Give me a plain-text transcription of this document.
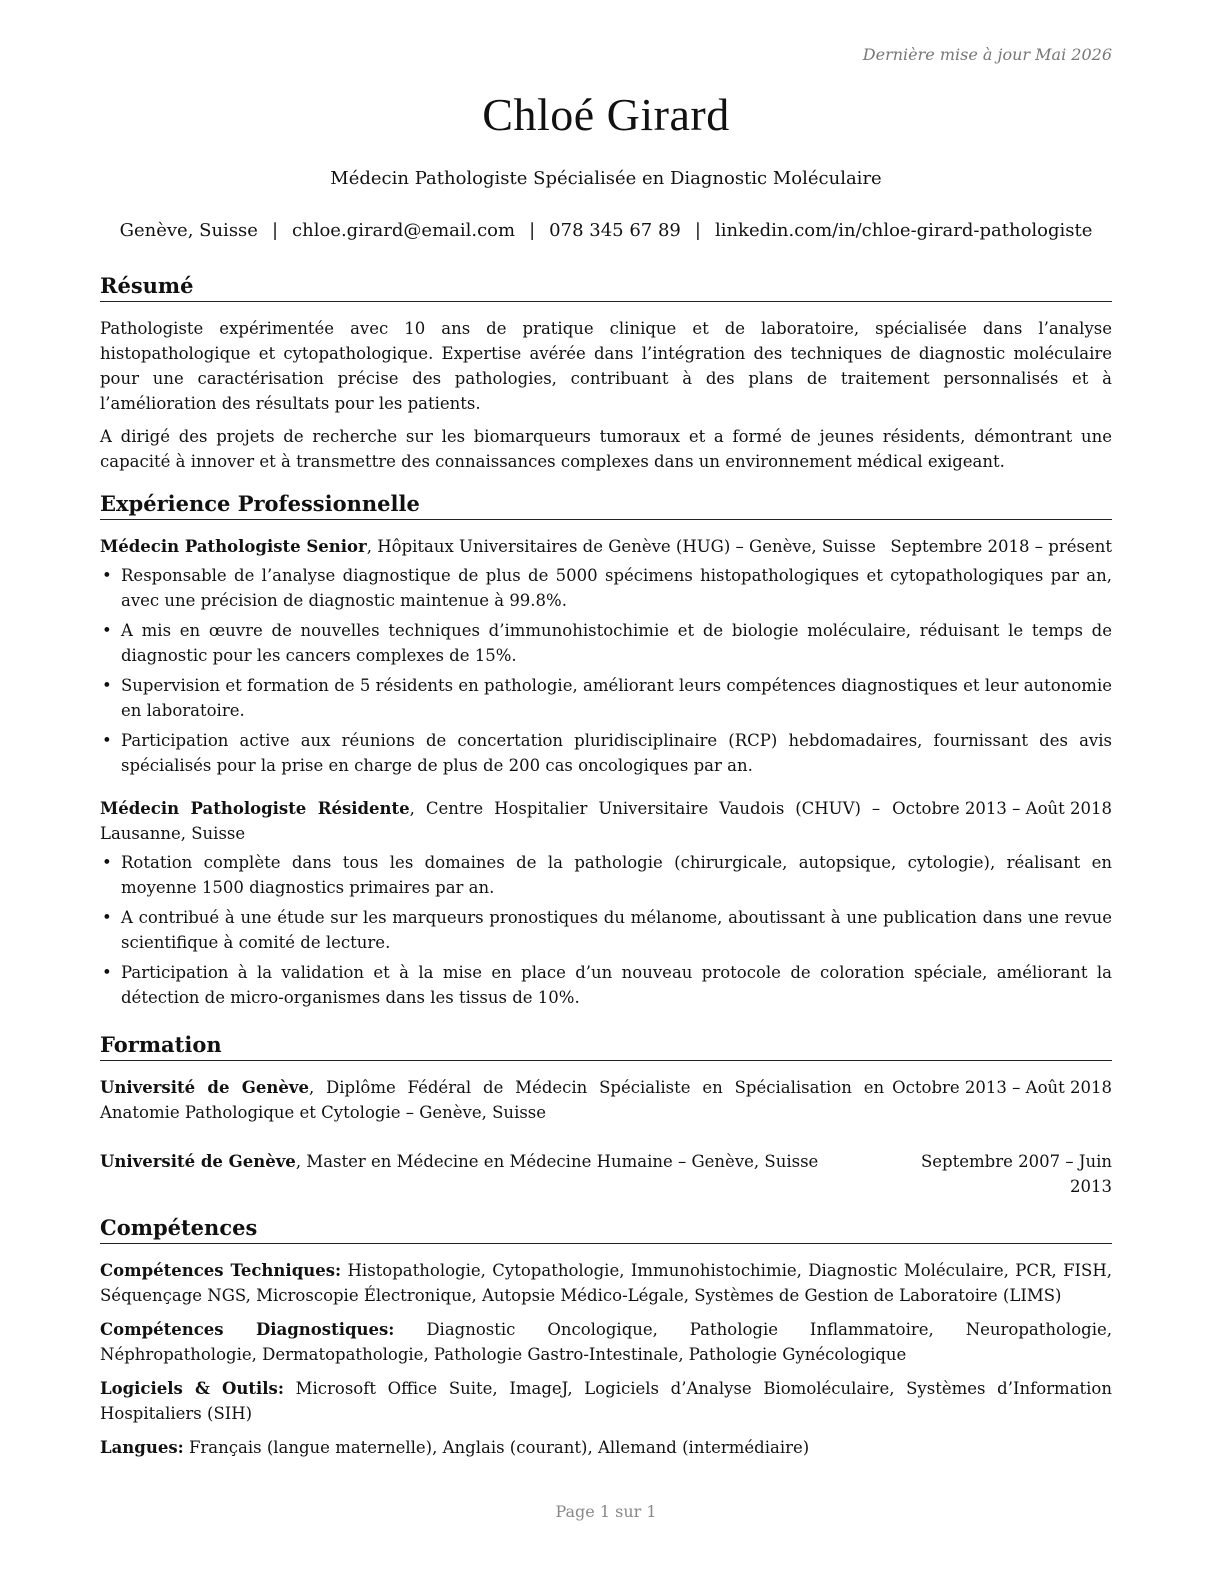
Dernière mise à jour Mai 2026
Chloé Girard
Médecin Pathologiste Spécialisée en Diagnostic Moléculaire
Genève, Suisse | chloe.girard@email.com | 078 345 67 89 | linkedin.com/in/chloe-girard-pathologiste
Résumé

Pathologiste expérimentée avec 10 ans de pratique clinique et de laboratoire, spécialisée dans l’analyse histopathologique et cytopathologique. Expertise avérée dans l’intégration des techniques de diagnostic moléculaire pour une caractérisation précise des pathologies, contribuant à des plans de traitement personnalisés et à l’amélioration des résultats pour les patients.

A dirigé des projets de recherche sur les biomarqueurs tumoraux et a formé de jeunes résidents, démontrant une capacité à innover et à transmettre des connaissances complexes dans un environnement médical exigeant.

Expérience Professionnelle
Médecin Pathologiste Senior, Hôpitaux Universitaires de Genève (HUG) – Genève, Suisse Septembre 2018 – présent
• Responsable de l’analyse diagnostique de plus de 5000 spécimens histopathologiques et cytopathologiques par an, avec une précision de diagnostic maintenue à 99.8%.
• A mis en œuvre de nouvelles techniques d’immunohistochimie et de biologie moléculaire, réduisant le temps de diagnostic pour les cancers complexes de 15%.
• Supervision et formation de 5 résidents en pathologie, améliorant leurs compétences diagnostiques et leur autonomie en laboratoire.
• Participation active aux réunions de concertation pluridisciplinaire (RCP) hebdomadaires, fournissant des avis spécialisés pour la prise en charge de plus de 200 cas oncologiques par an.
Médecin Pathologiste Résidente, Centre Hospitalier Universitaire Vaudois (CHUV) – Lausanne, Suisse
Octobre 2013 – Août 2018
• Rotation complète dans tous les domaines de la pathologie (chirurgicale, autopsique, cytologie), réalisant en moyenne 1500 diagnostics primaires par an.
• A contribué à une étude sur les marqueurs pronostiques du mélanome, aboutissant à une publication dans une revue scientifique à comité de lecture.
• Participation à la validation et à la mise en place d’un nouveau protocole de coloration spéciale, améliorant la détection de micro-organismes dans les tissus de 10%.
Formation
Université de Genève, Diplôme Fédéral de Médecin Spécialiste en Spécialisation en Anatomie Pathologique et Cytologie – Genève, Suisse
Octobre 2013 – Août 2018
Université de Genève, Master en Médecine en Médecine Humaine – Genève, Suisse	Septembre 2007 – Juin 2013
Compétences

Compétences Techniques: Histopathologie, Cytopathologie, Immunohistochimie, Diagnostic Moléculaire, PCR, FISH, Séquençage NGS, Microscopie Électronique, Autopsie Médico-Légale, Systèmes de Gestion de Laboratoire (LIMS)

Compétences Diagnostiques: Diagnostic Oncologique, Pathologie Inflammatoire, Neuropathologie, Néphropathologie, Dermatopathologie, Pathologie Gastro-Intestinale, Pathologie Gynécologique

Logiciels & Outils: Microsoft Office Suite, ImageJ, Logiciels d’Analyse Biomoléculaire, Systèmes d’Information Hospitaliers (SIH)

Langues: Français (langue maternelle), Anglais (courant), Allemand (intermédiaire)

Page 1 sur 1
